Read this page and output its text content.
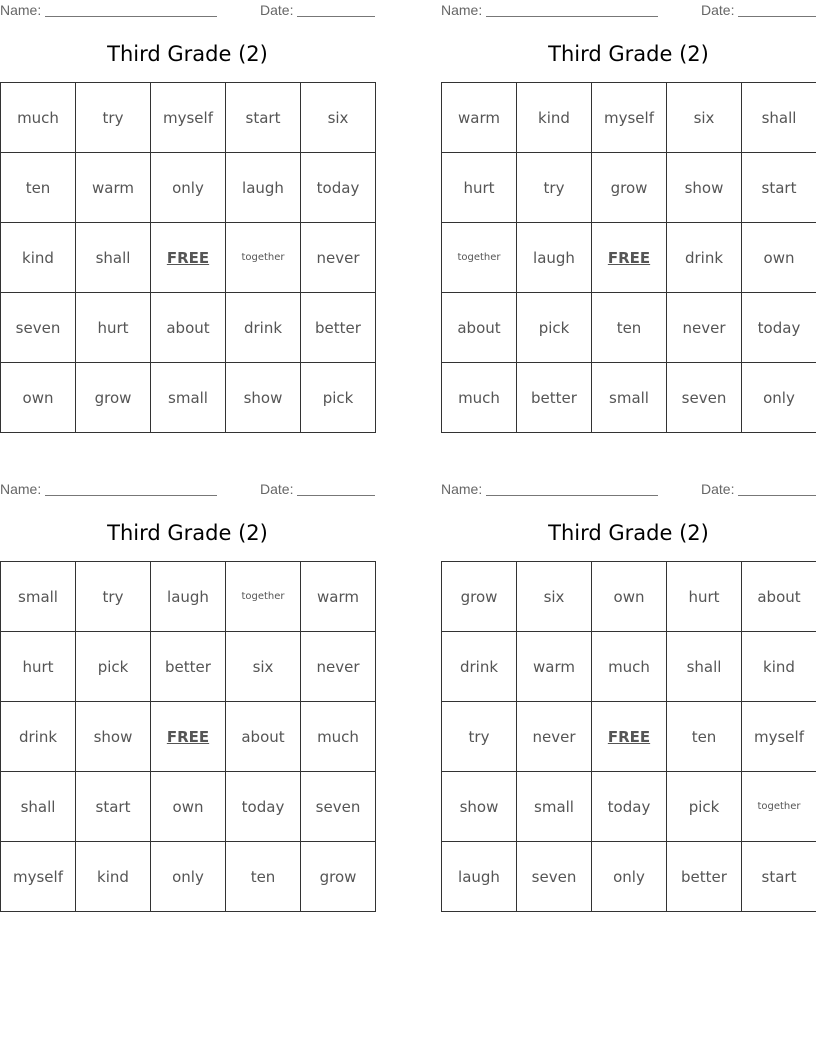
Name:	Date:
Third Grade (2)
much	try	myself	start	six
ten	warm	only	laugh	today
kind	shall	FREE	together	never
seven	hurt	about	drink	better
own	grow	small	show	pick
Name:	Date:
Third Grade (2)
warm	kind	myself	six	shall
hurt	try	grow	show	start
together	laugh	FREE	drink	own
about	pick	ten	never	today
much	better	small	seven	only
Name:	Date:
Third Grade (2)
small	try	laugh	together	warm
hurt	pick	better	six	never
drink	show	FREE	about	much
shall	start	own	today	seven
myself	kind	only	ten	grow
Name:	Date:
Third Grade (2)
grow	six	own	hurt	about
drink	warm	much	shall	kind
try	never	FREE	ten	myself
show	small	today	pick	together
laugh	seven	only	better	start
